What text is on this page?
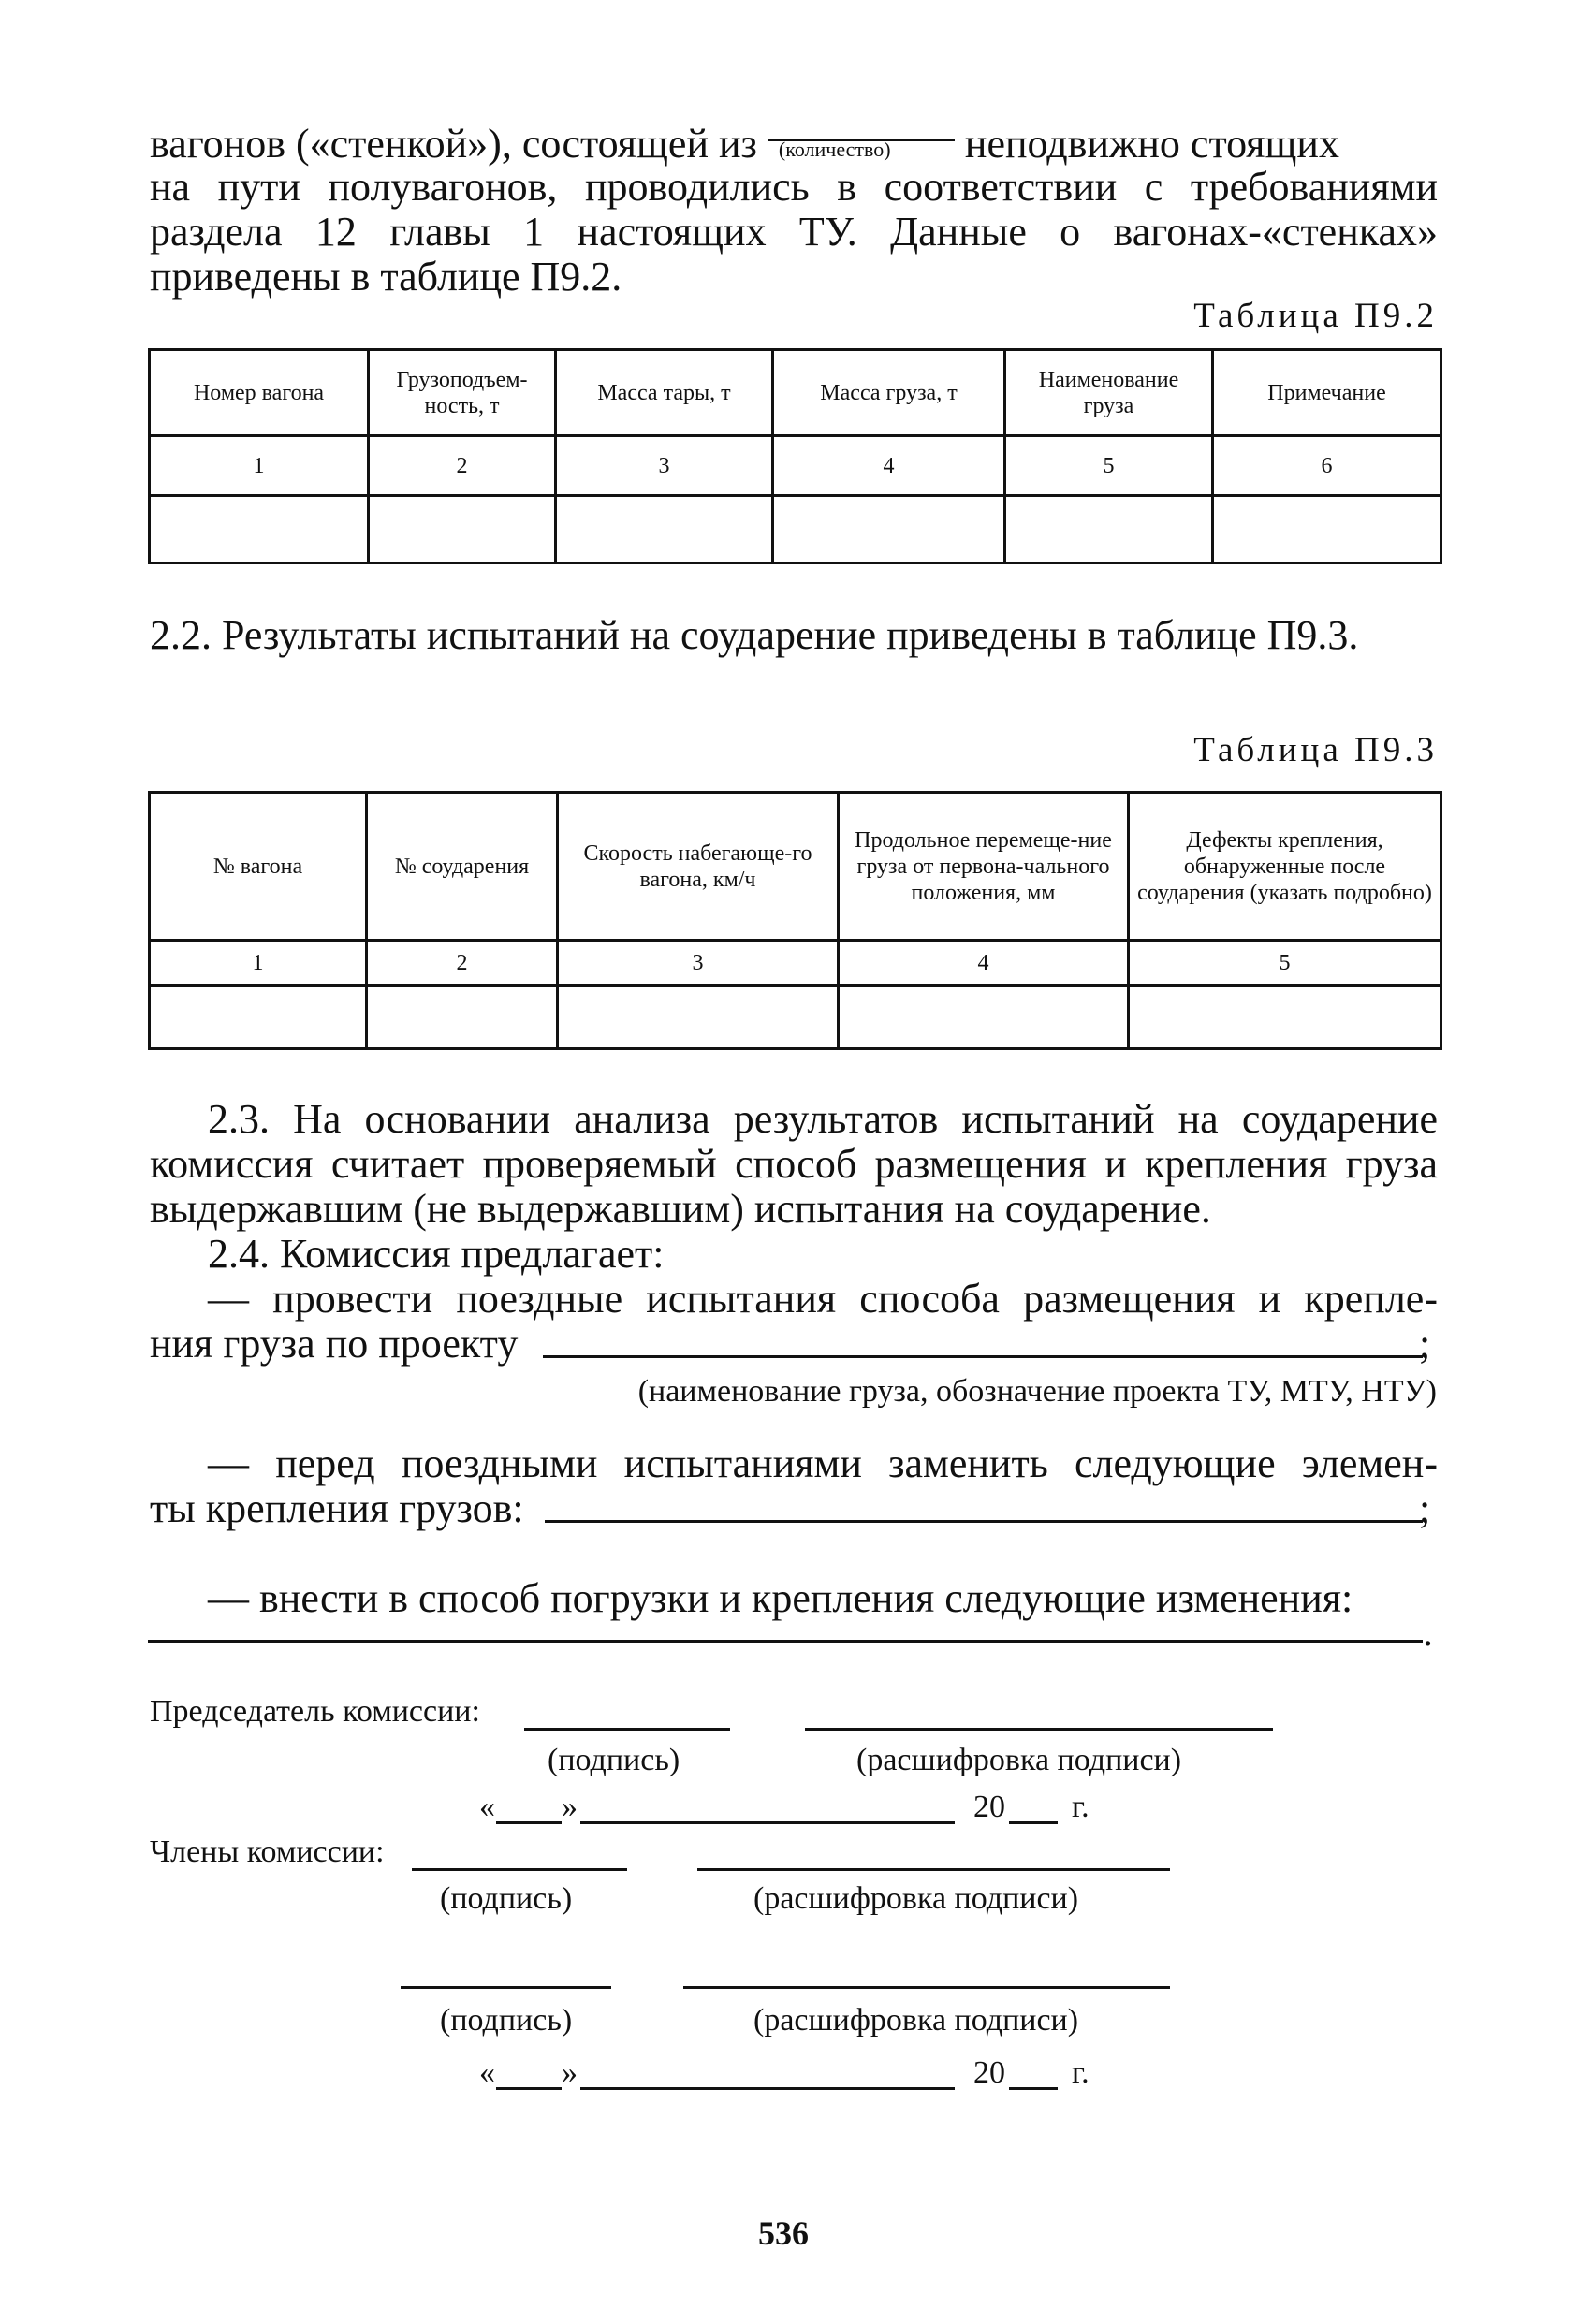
вагонов («стенкой»), состоящей из (количество) неподвижно стоящих
на пути полувагонов, проводились в соответствии с требованиями раздела 12 главы 1 настоящих ТУ. Данные о вагонах-«стенках» приведены в таблице П9.2.
Таблица П9.2
Номер вагона	Грузоподъем-ность, т	Масса тары, т	Масса груза, т	Наименование груза	Примечание
1	2	3	4	5	6

2.2. Результаты испытаний на соударение приведены в таблице П9.3.
Таблица П9.3
№ вагона	№ соударения	Скорость набегающе-го вагона, км/ч	Продольное перемеще-ние груза от первона-чального положения, мм	Дефекты крепления, обнаруженные после соударения (указать подробно)
1	2	3	4	5

2.3. На основании анализа результатов испытаний на соударение комиссия считает проверяемый способ размещения и крепления груза выдержавшим (не выдержавшим) испытания на соударение.
2.4. Комиссия предлагает:
— провести поездные испытания способа размещения и крепле-
ния груза по проекту	;
(наименование груза, обозначение проекта ТУ, МТУ, НТУ)
— перед поездными испытаниями заменить следующие элемен-
ты крепления грузов:	;
— внести в способ погрузки и крепления следующие изменения:
.
Председатель комиссии:
(подпись)	(расшифровка подписи)
« »	20 г.
Члены комиссии:
(подпись)	(расшифровка подписи)
(подпись)	(расшифровка подписи)
« »	20 г.
536
